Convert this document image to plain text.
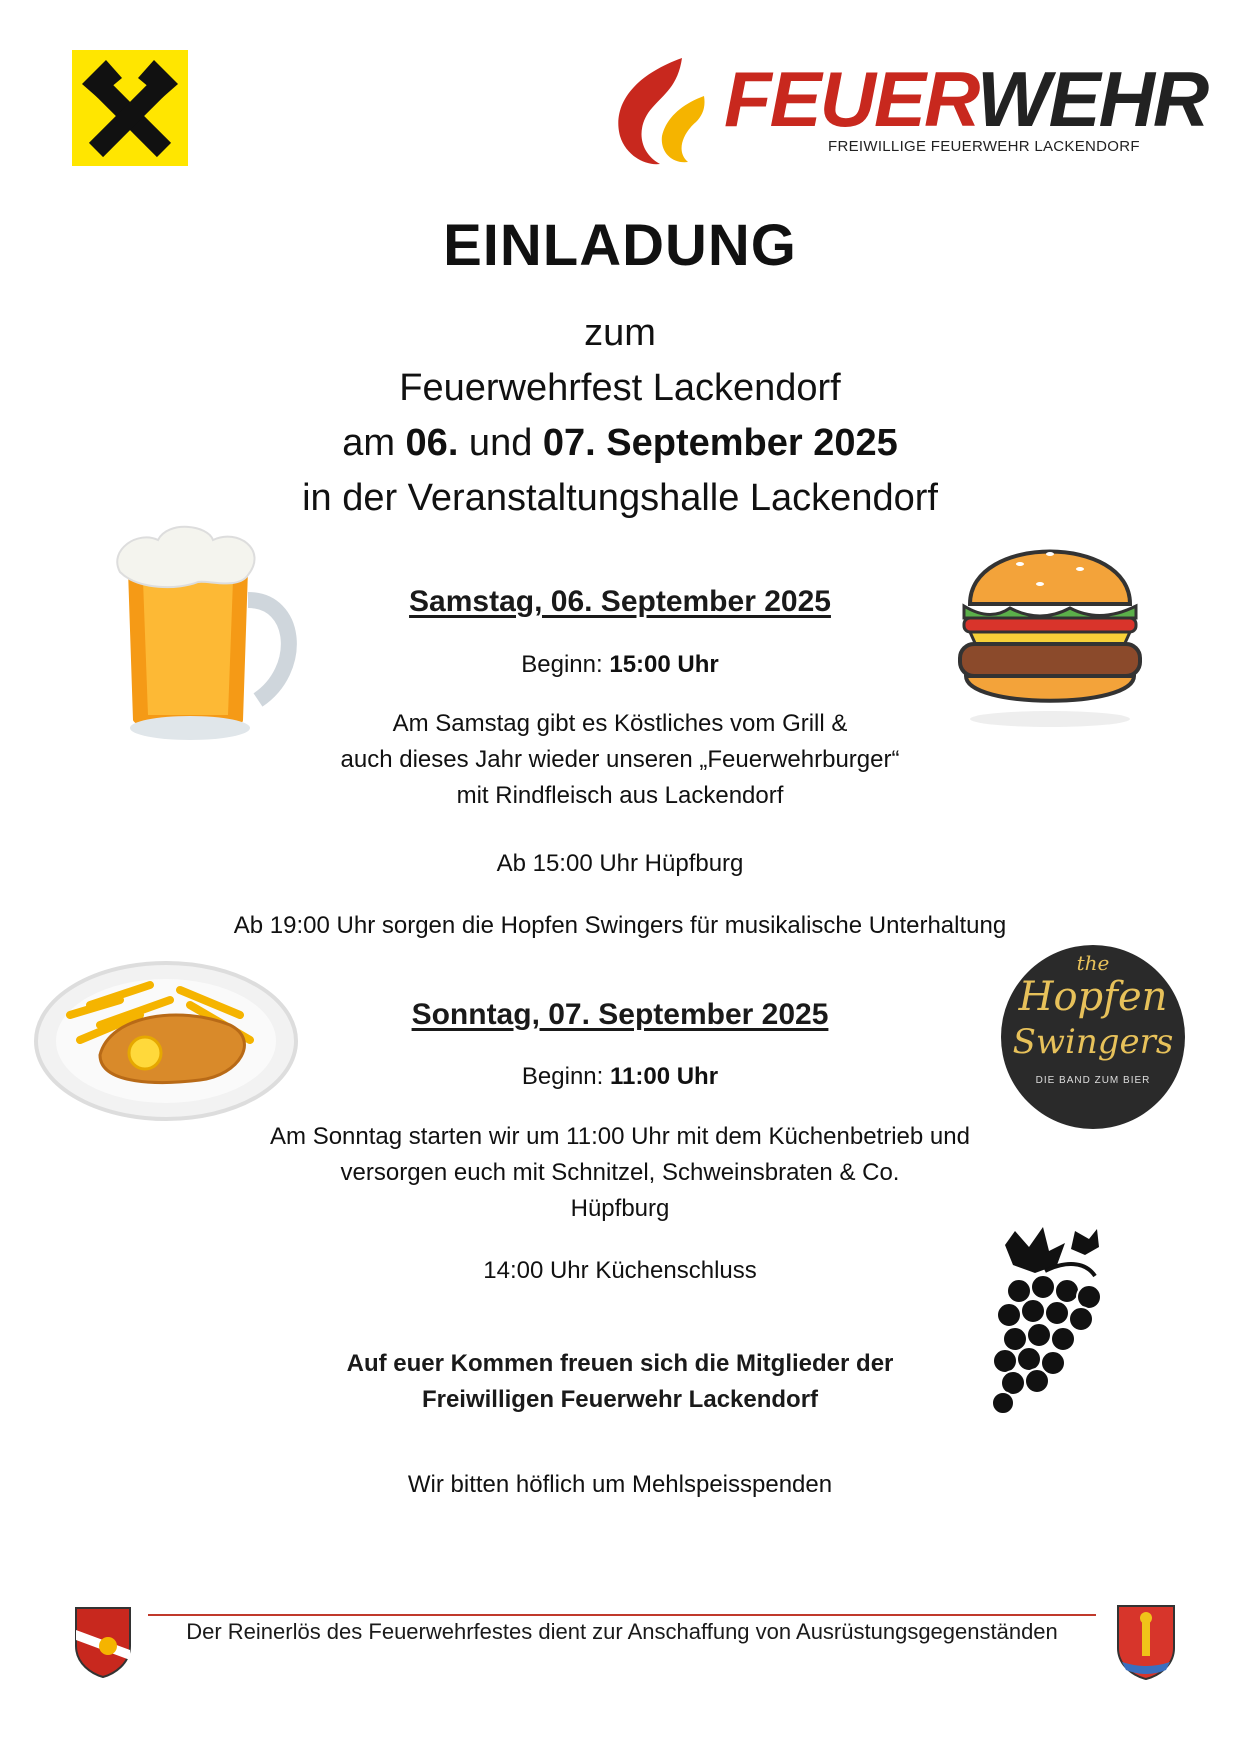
FEUERWEHR
FREIWILLIGE FEUERWEHR LACKENDORF
EINLADUNG
zum
Feuerwehrfest Lackendorf
am 06. und 07. September 2025
in der Veranstaltungshalle Lackendorf
Samstag, 06. September 2025
Beginn: 15:00 Uhr
Am Samstag gibt es Köstliches vom Grill &
auch dieses Jahr wieder unseren „Feuerwehrburger“
mit Rindfleisch aus Lackendorf
Ab 15:00 Uhr Hüpfburg
Ab 19:00 Uhr sorgen die Hopfen Swingers für musikalische Unterhaltung
Sonntag, 07. September 2025
Beginn: 11:00 Uhr
Am Sonntag starten wir um 11:00 Uhr mit dem Küchenbetrieb und
versorgen euch mit Schnitzel, Schweinsbraten & Co.
Hüpfburg
14:00 Uhr Küchenschluss
Auf euer Kommen freuen sich die Mitglieder der
Freiwilligen Feuerwehr Lackendorf
Wir bitten höflich um Mehlspeisspenden
the
Hopfen
Swingers
DIE BAND ZUM BIER
Der Reinerlös des Feuerwehrfestes dient zur Anschaffung von Ausrüstungsgegenständen
